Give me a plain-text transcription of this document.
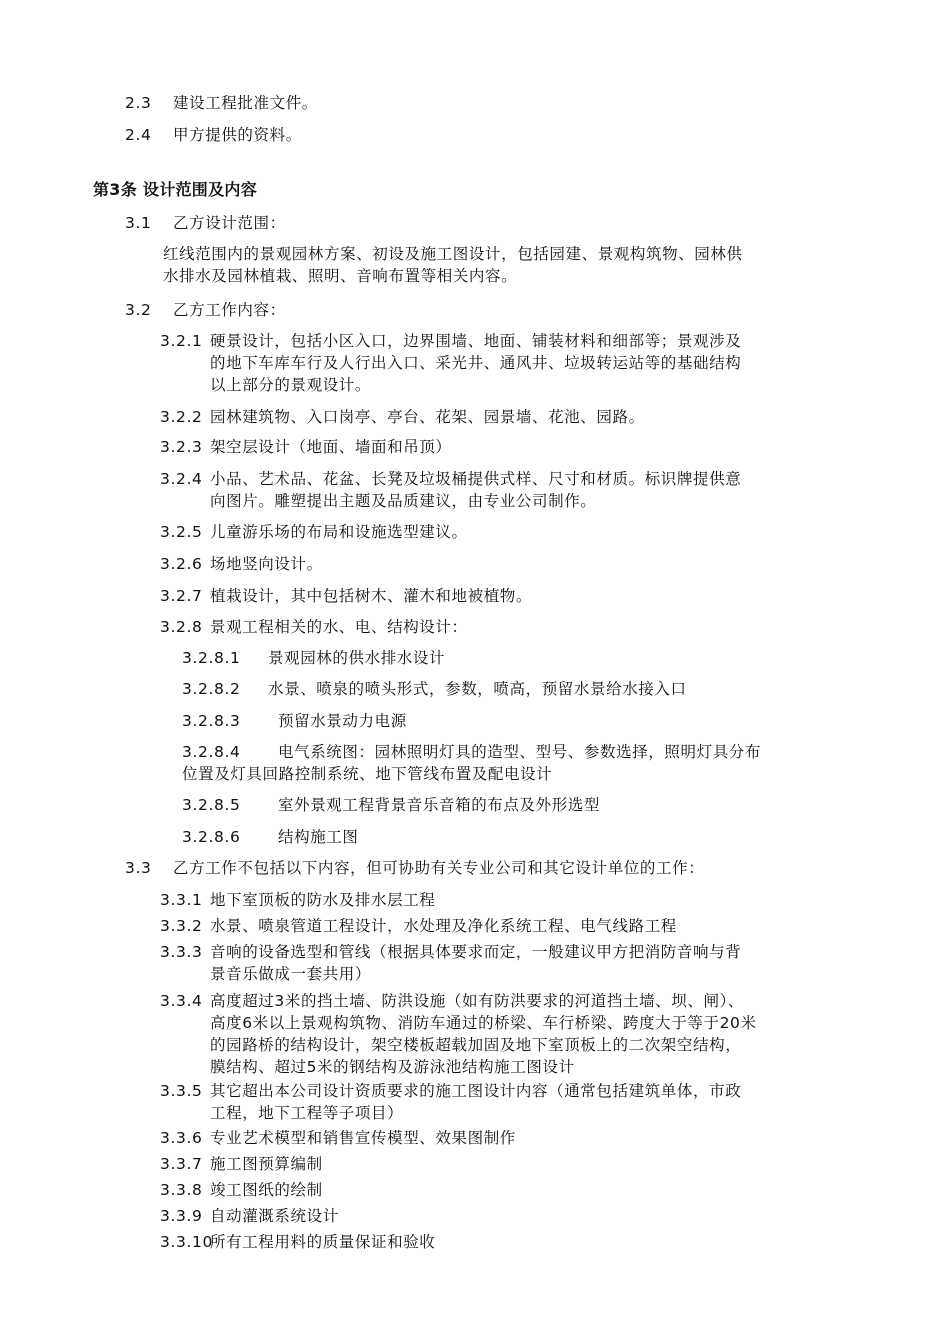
2.3 建设工程批准文件。
2.4 甲方提供的资料。
第3条 设计范围及内容
3.1 乙方设计范围：
红线范围内的景观园林方案、初设及施工图设计，包括园建、景观构筑物、园林供
水排水及园林植栽、照明、音响布置等相关内容。
3.2 乙方工作内容：
3.2.1 硬景设计，包括小区入口，边界围墙、地面、铺装材料和细部等；景观涉及
的地下车库车行及人行出入口、采光井、通风井、垃圾转运站等的基础结构
以上部分的景观设计。
3.2.2 园林建筑物、入口岗亭、亭台、花架、园景墙、花池、园路。
3.2.3 架空层设计（地面、墙面和吊顶）
3.2.4 小品、艺术品、花盆、长凳及垃圾桶提供式样、尺寸和材质。标识牌提供意
向图片。雕塑提出主题及品质建议，由专业公司制作。
3.2.5 儿童游乐场的布局和设施选型建议。
3.2.6 场地竖向设计。
3.2.7 植栽设计，其中包括树木、灌木和地被植物。
3.2.8 景观工程相关的水、电、结构设计：
3.2.8.1 景观园林的供水排水设计
3.2.8.2 水景、喷泉的喷头形式，参数，喷高，预留水景给水接入口
3.2.8.3 预留水景动力电源
3.2.8.4 电气系统图：园林照明灯具的造型、型号、参数选择，照明灯具分布
位置及灯具回路控制系统、地下管线布置及配电设计
3.2.8.5 室外景观工程背景音乐音箱的布点及外形选型
3.2.8.6 结构施工图
3.3 乙方工作不包括以下内容，但可协助有关专业公司和其它设计单位的工作：
3.3.1 地下室顶板的防水及排水层工程
3.3.2 水景、喷泉管道工程设计，水处理及净化系统工程、电气线路工程
3.3.3 音响的设备选型和管线（根据具体要求而定，一般建议甲方把消防音响与背
景音乐做成一套共用）
3.3.4 高度超过3米的挡土墙、防洪设施（如有防洪要求的河道挡土墙、坝、闸）、
高度6米以上景观构筑物、消防车通过的桥梁、车行桥梁、跨度大于等于20米
的园路桥的结构设计，架空楼板超载加固及地下室顶板上的二次架空结构，
膜结构、超过5米的钢结构及游泳池结构施工图设计
3.3.5 其它超出本公司设计资质要求的施工图设计内容（通常包括建筑单体，市政
工程，地下工程等子项目）
3.3.6 专业艺术模型和销售宣传模型、效果图制作
3.3.7 施工图预算编制
3.3.8 竣工图纸的绘制
3.3.9 自动灌溉系统设计
3.3.10所有工程用料的质量保证和验收
